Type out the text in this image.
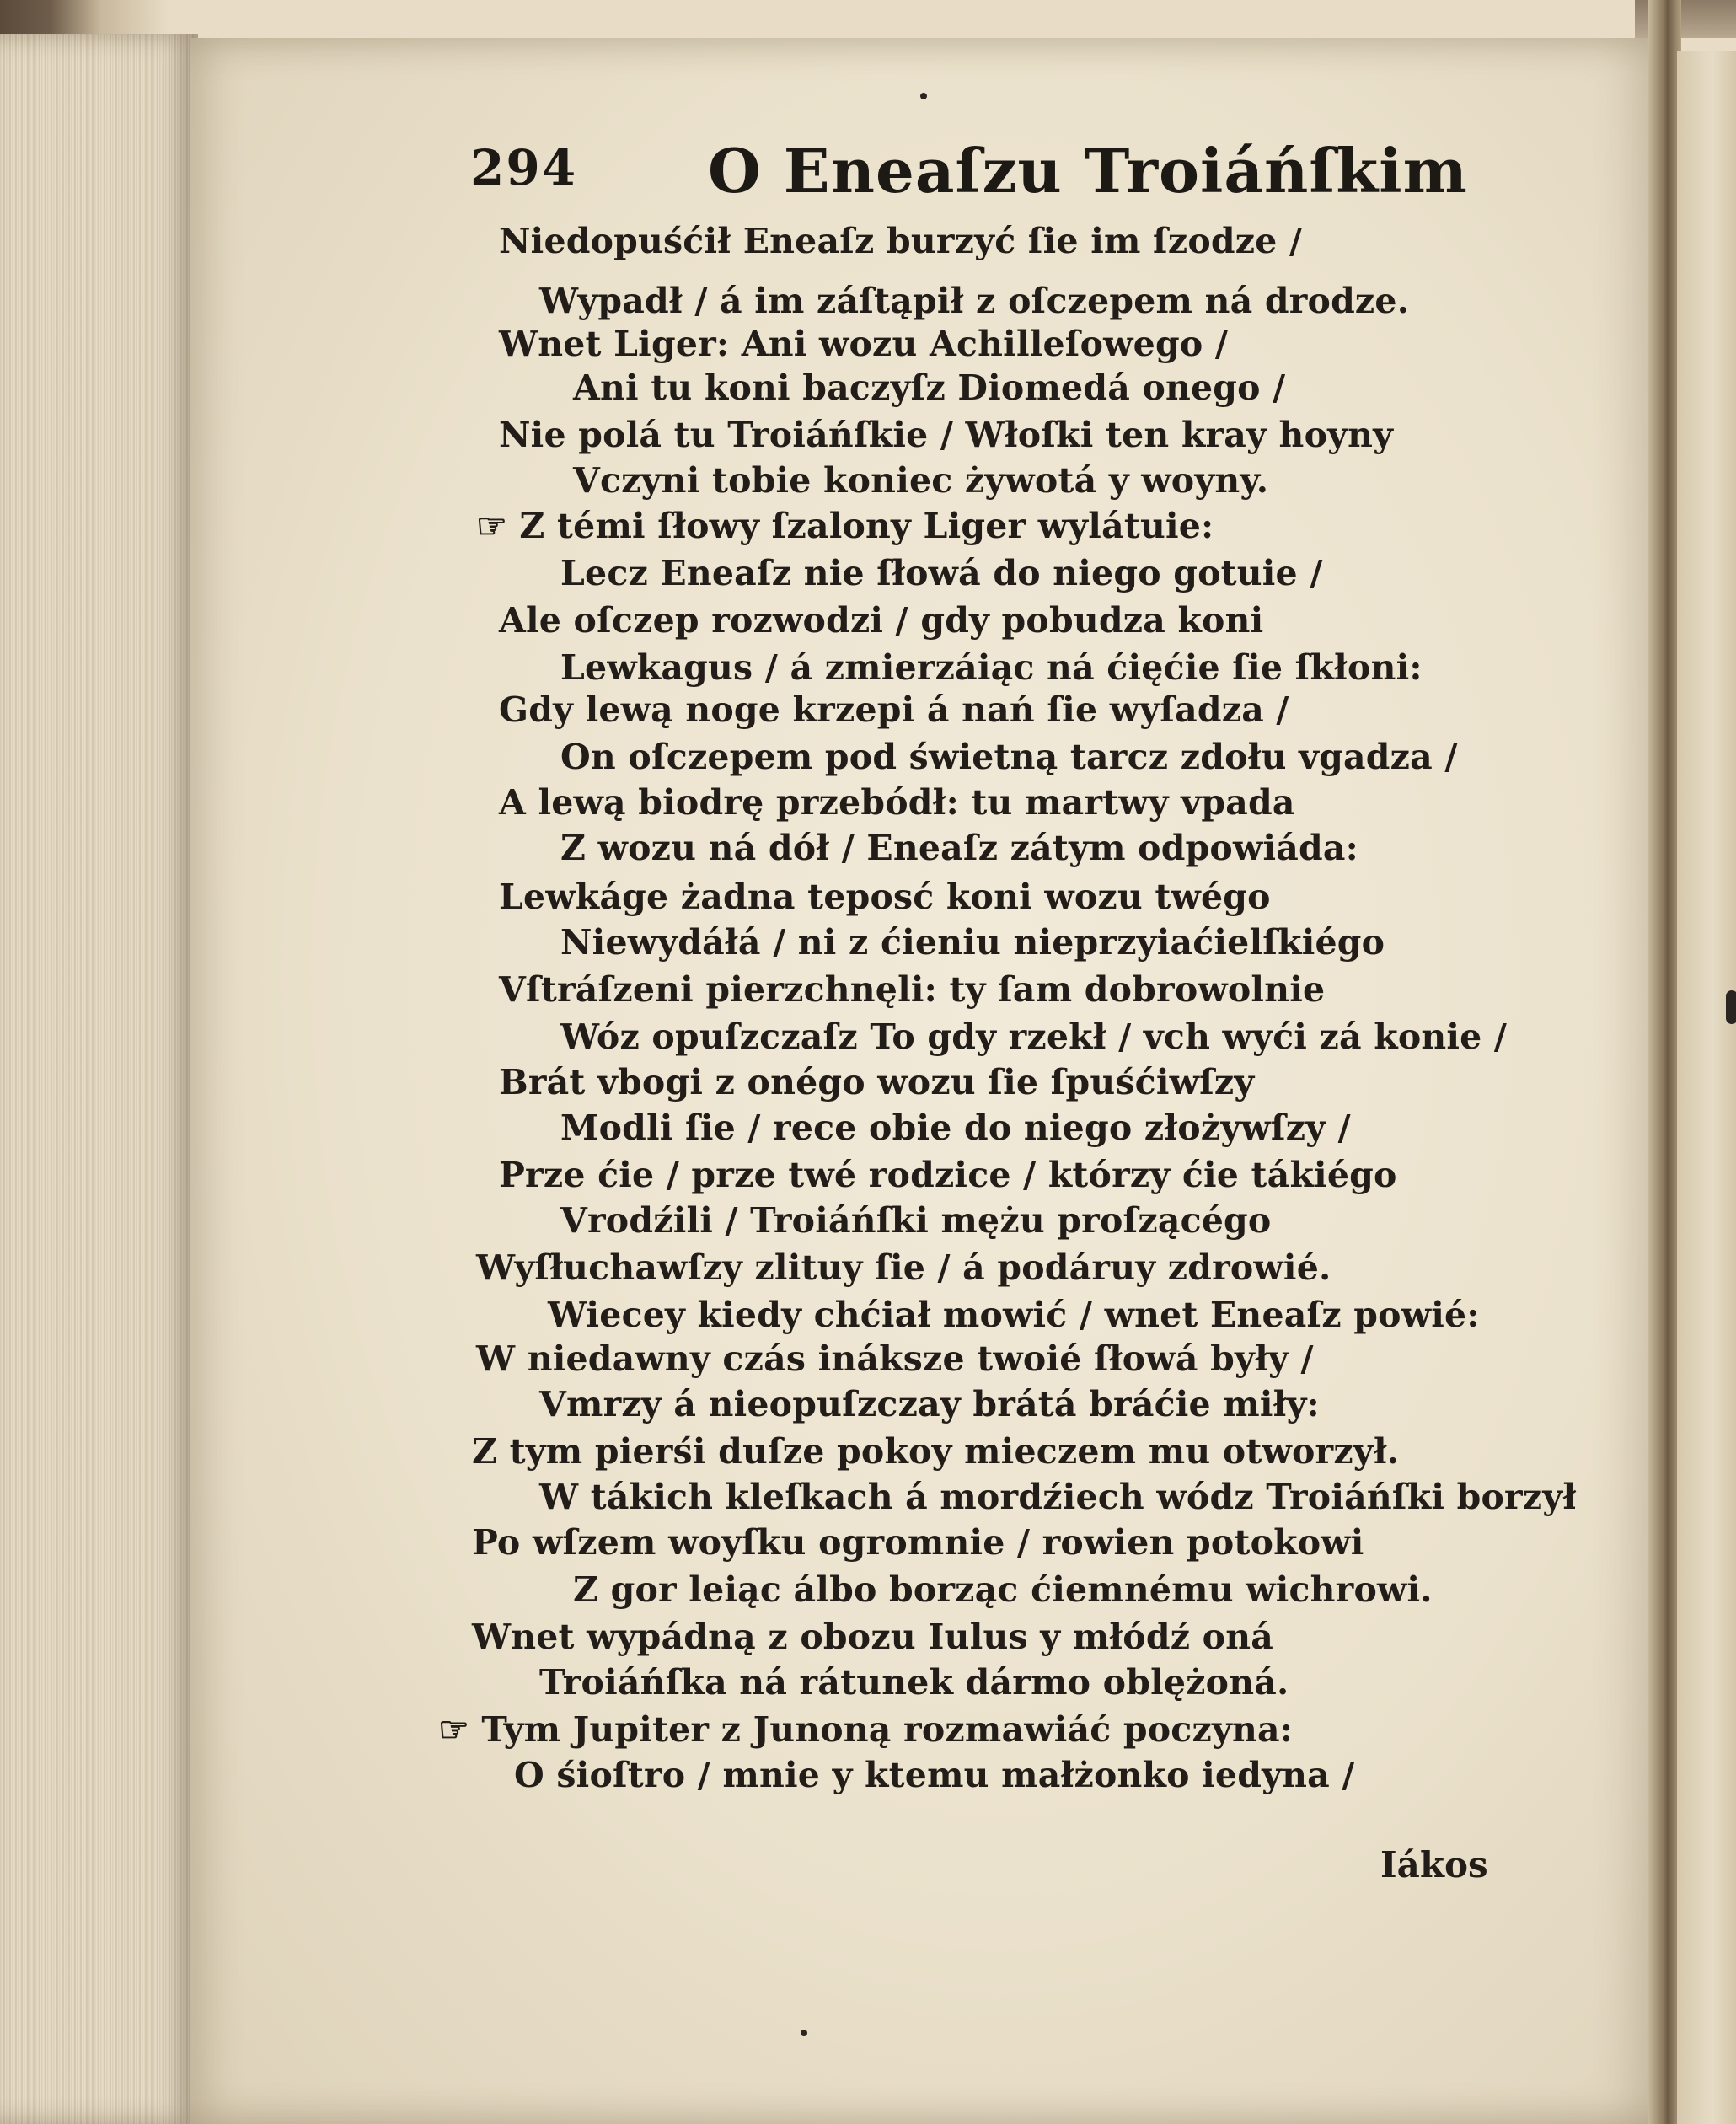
294 O Eneaſzu Troiáńſkim
Niedopuśćił Eneaſz burzyć ſie im ſzodze /
Wypadł / á im záſtąpił z oſczepem ná drodze.
Wnet Liger: Ani wozu Achilleſowego /
Ani tu koni baczyſz Diomedá onego /
Nie polá tu Troiáńſkie / Włoſki ten kray hoyny
Vczyni tobie koniec żywotá y woyny.
☞ Z témi ſłowy ſzalony Liger wylátuie:
Lecz Eneaſz nie ſłowá do niego gotuie /
Ale oſczep rozwodzi / gdy pobudza koni
Lewkagus / á zmierzáiąc ná ćięćie ſie ſkłoni:
Gdy lewą noge krzepi á nań ſie wyſadza /
On oſczepem pod świetną tarcz zdołu vgadza /
A lewą biodrę przebódł: tu martwy vpada
Z wozu ná dół / Eneaſz zátym odpowiáda:
Lewkáge żadna teposć koni wozu twégo
Niewydáłá / ni z ćieniu nieprzyiaćielſkiégo
Vſtráſzeni pierzchnęli: ty ſam dobrowolnie
Wóz opuſzczaſz To gdy rzekł / vch wyći zá konie /
Brát vbogi z onégo wozu ſie ſpuśćiwſzy
Modli ſie / rece obie do niego złożywſzy /
Prze ćie / prze twé rodzice / którzy ćie tákiégo
Vrodźili / Troiáńſki mężu proſzącégo
Wyſłuchawſzy zlituy ſie / á podáruy zdrowié.
Wiecey kiedy chćiał mowić / wnet Eneaſz powié:
W niedawny czás ináksze twoié ſłowá były /
Vmrzy á nieopuſzczay brátá bráćie miły:
Z tym pierśi duſze pokoy mieczem mu otworzył.
W tákich kleſkach á mordźiech wódz Troiáńſki borzył
Po wſzem woyſku ogromnie / rowien potokowi
Z gor leiąc álbo borząc ćiemnému wichrowi.
Wnet wypádną z obozu Iulus y młódź oná
Troiáńſka ná rátunek dármo oblężoná.
☞ Tym Jupiter z Junoną rozmawiáć poczyna:
O śioſtro / mnie y ktemu małżonko iedyna /
Iákos
